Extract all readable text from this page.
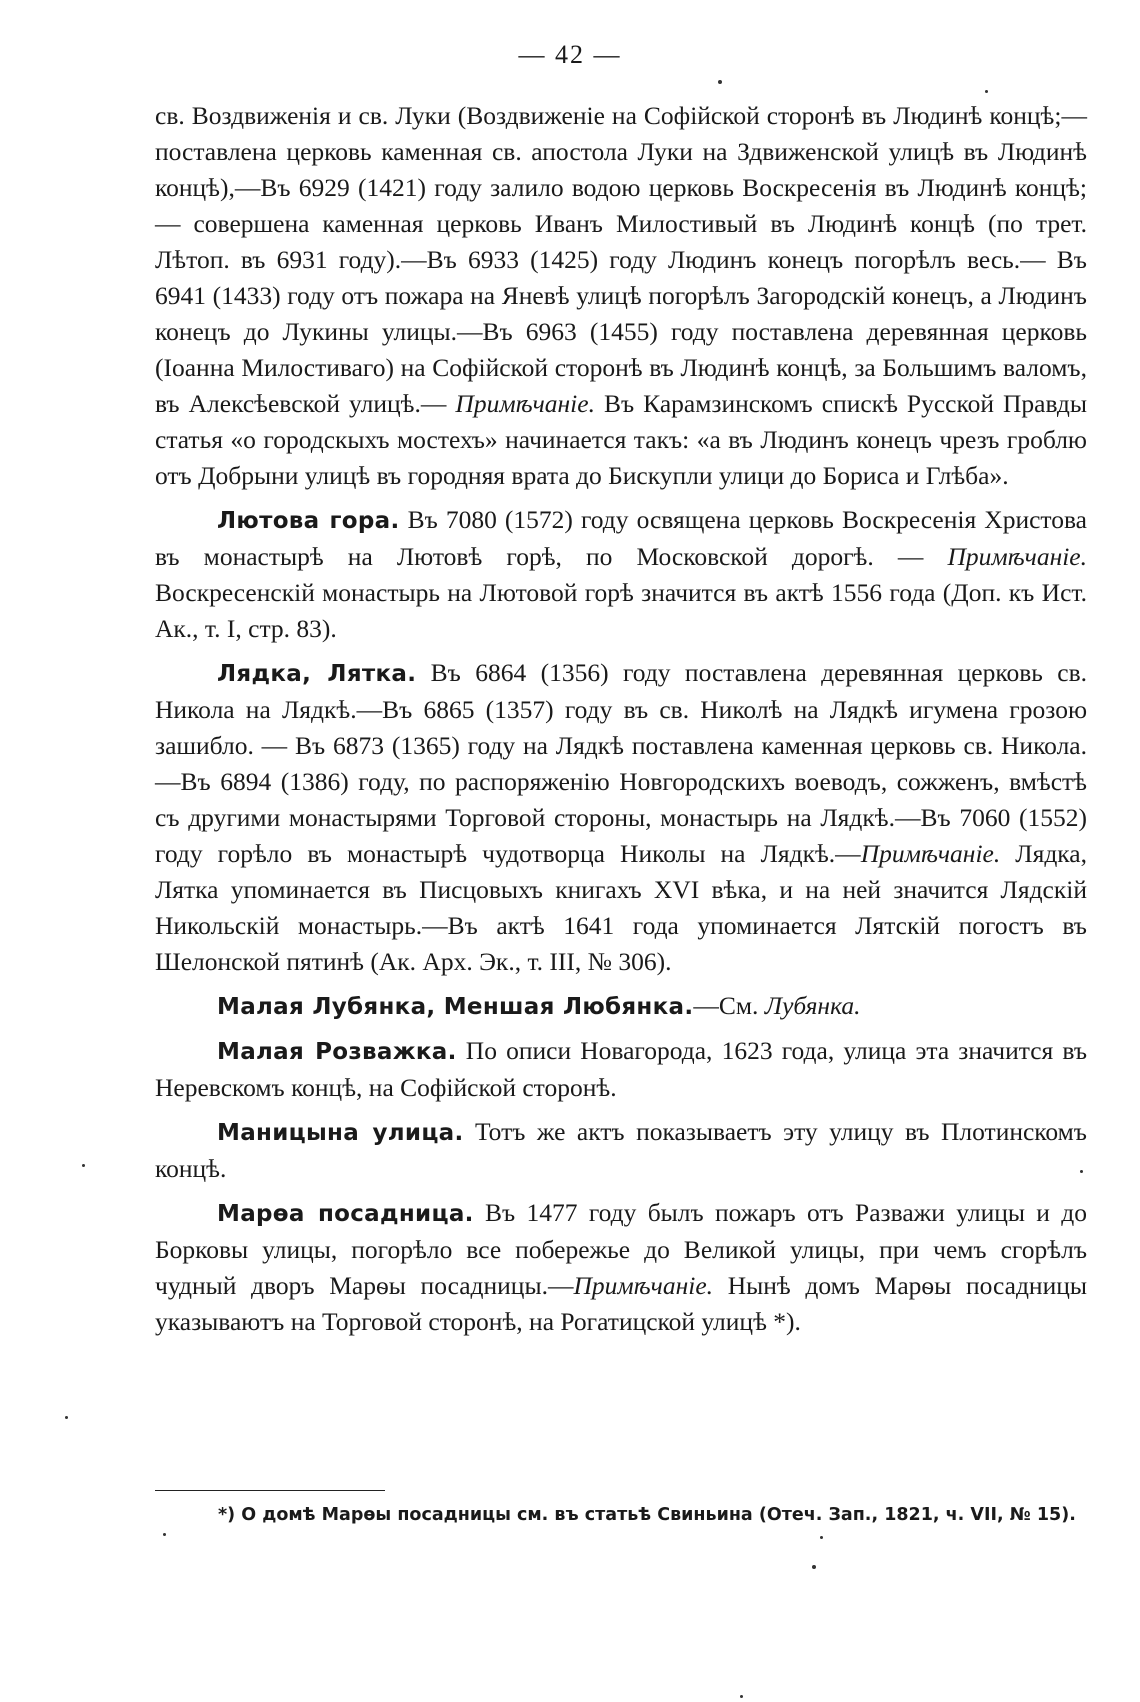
— 42 —

св. Воздвиженія и св. Луки (Воздвиженіе на Софійской сторонѣ въ Людинѣ концѣ;—поставлена церковь каменная св. апостола Луки на Здвиженской улицѣ въ Людинѣ концѣ),—Въ 6929 (1421) году залило водою церковь Воскресенія въ Людинѣ концѣ; — совершена каменная церковь Иванъ Милостивый въ Людинѣ концѣ (по трет. Лѣтоп. въ 6931 году).—Въ 6933 (1425) году Людинъ конецъ погорѣлъ весь.— Въ 6941 (1433) году отъ пожара на Яневѣ улицѣ погорѣлъ Загородскій конецъ, а Людинъ конецъ до Лукины улицы.—Въ 6963 (1455) году поставлена деревянная церковь (Іоанна Милостиваго) на Софійской сторонѣ въ Людинѣ концѣ, за Большимъ валомъ, въ Алексѣевской улицѣ.— Примѣчаніе. Въ Карамзинскомъ спискѣ Русской Правды статья «о городскыхъ мостехъ» начинается такъ: «а въ Людинъ конецъ чрезъ гроблю отъ Добрыни улицѣ въ городняя врата до Бискупли улици до Бориса и Глѣба».

Лютова гора. Въ 7080 (1572) году освящена церковь Воскресенія Христова въ монастырѣ на Лютовѣ горѣ, по Московской дорогѣ. — Примѣчаніе. Воскресенскій монастырь на Лютовой горѣ значится въ актѣ 1556 года (Доп. къ Ист. Ак., т. I, стр. 83).

Лядка, Лятка. Въ 6864 (1356) году поставлена деревянная церковь св. Никола на Лядкѣ.—Въ 6865 (1357) году въ св. Николѣ на Лядкѣ игумена грозою зашибло. — Въ 6873 (1365) году на Лядкѣ поставлена каменная церковь св. Никола.—Въ 6894 (1386) году, по распоряженію Новгородскихъ воеводъ, сожженъ, вмѣстѣ съ другими монастырями Торговой стороны, монастырь на Лядкѣ.—Въ 7060 (1552) году горѣло въ монастырѣ чудотворца Николы на Лядкѣ.—Примѣчаніе. Лядка, Лятка упоминается въ Писцовыхъ книгахъ XVI вѣка, и на ней значится Лядскій Никольскій монастырь.—Въ актѣ 1641 года упоминается Лятскій погостъ въ Шелонской пятинѣ (Ак. Арх. Эк., т. III, № 306).

Малая Лубянка, Меншая Любянка.—См. Лубянка.

Малая Розважка. По описи Новагорода, 1623 года, улица эта значится въ Неревскомъ концѣ, на Софійской сторонѣ.

Маницына улица. Тотъ же актъ показываетъ эту улицу въ Плотинскомъ концѣ.

Марѳа посадница. Въ 1477 году былъ пожаръ отъ Разважи улицы и до Борковы улицы, погорѣло все побережье до Великой улицы, при чемъ сгорѣлъ чудный дворъ Марѳы посадницы.—Примѣчаніе. Нынѣ домъ Марѳы посадницы указываютъ на Торговой сторонѣ, на Рогатицской улицѣ *).

*) О домѣ Марѳы посадницы см. въ статьѣ Свиньина (Отеч. Зап., 1821, ч. VII, № 15).
